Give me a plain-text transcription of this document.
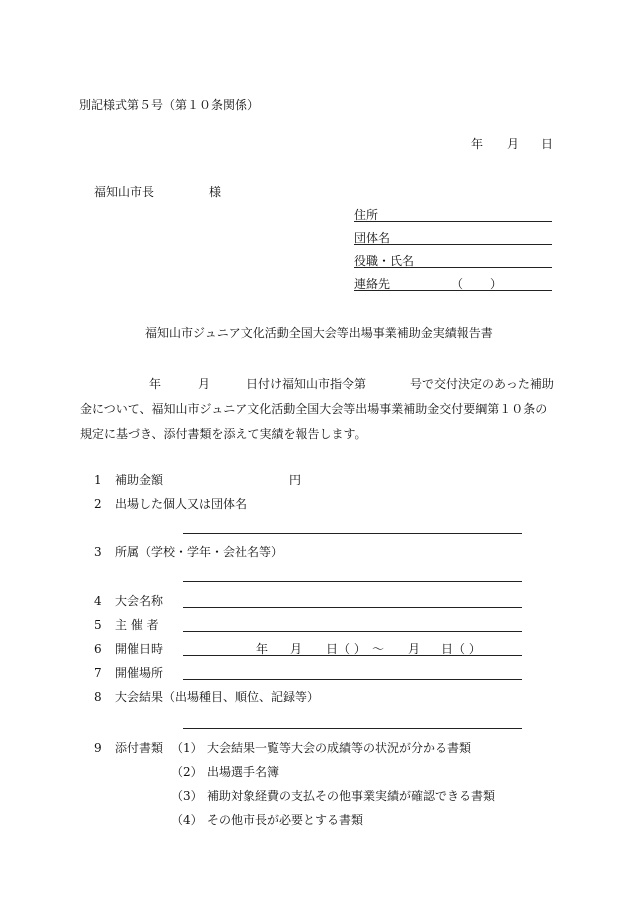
別記様式第５号（第１０条関係）
年 月 日
福知山市長	様
住所
団体名
役職・氏名
連絡先	（ ）
福知山市ジュニア文化活動全国大会等出場事業補助金実績報告書
年	月	日付け福知山市指令第	号で交付決定のあった補助
金について、福知山市ジュニア文化活動全国大会等出場事業補助金交付要綱第１０条の
規定に基づき、添付書類を添えて実績を報告します。
1 補助金額	円
2 出場した個人又は団体名
3 所属（学校・学年・会社名等）
4 大会名称
5 主 催 者
6 開催日時	年 月 日（ ） ～ 月 日（ ）
7 開催場所
8 大会結果（出場種目、順位、記録等）
9 添付書類 （1） 大会結果一覧等大会の成績等の状況が分かる書類
（2） 出場選手名簿
（3） 補助対象経費の支払その他事業実績が確認できる書類
（4） その他市長が必要とする書類
